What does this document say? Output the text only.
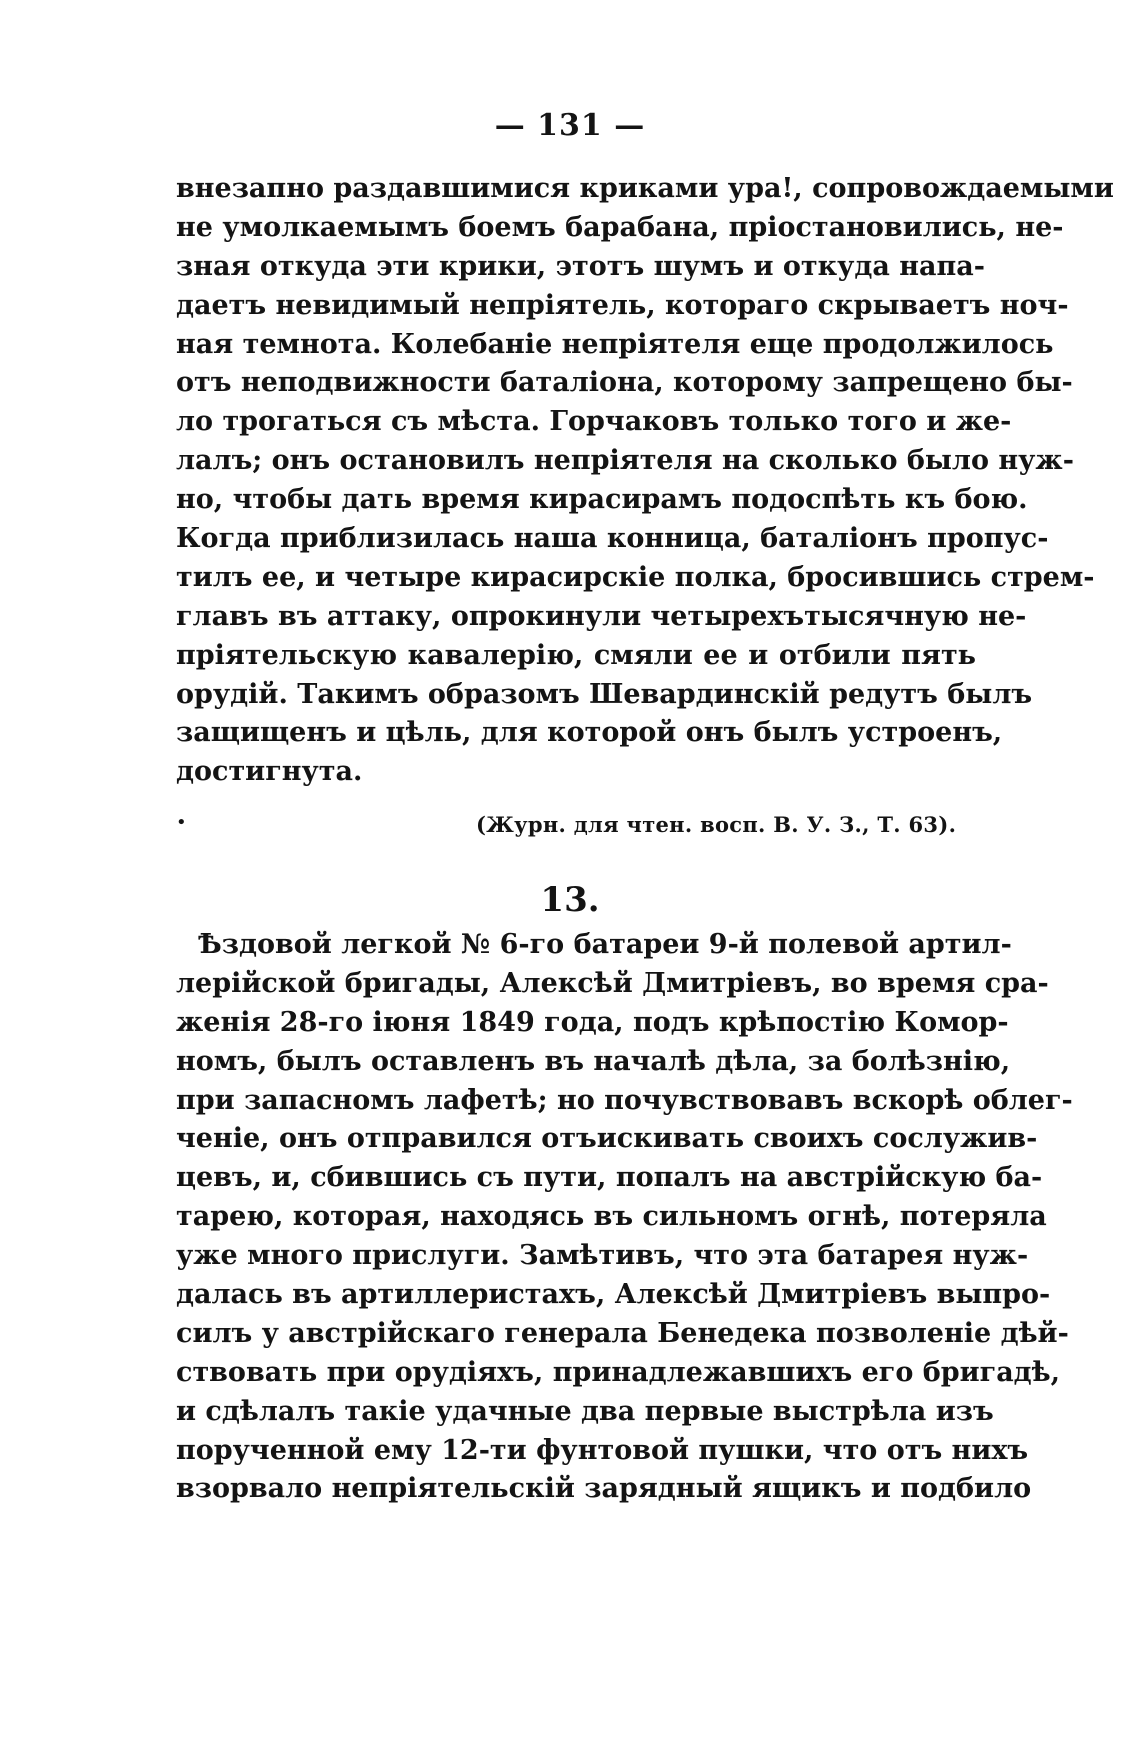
— 131 —
внезапно раздавшимися криками ура!, сопровождаемыми
не умолкаемымъ боемъ барабана, пріостановились, не-
зная откуда эти крики, этотъ шумъ и откуда напа-
даетъ невидимый непріятель, котораго скрываетъ ноч-
ная темнота. Колебаніе непріятеля еще продолжилось
отъ неподвижности баталіона, которому запрещено бы-
ло трогаться съ мѣста. Горчаковъ только того и же-
лалъ; онъ остановилъ непріятеля на сколько было нуж-
но, чтобы дать время кирасирамъ подоспѣть къ бою.
Когда приблизилась наша конница, баталіонъ пропус-
тилъ ее, и четыре кирасирскіе полка, бросившись стрем-
главъ въ аттаку, опрокинули четырехътысячную не-
пріятельскую кавалерію, смяли ее и отбили пять
орудій. Такимъ образомъ Шевардинскій редутъ былъ
защищенъ и цѣль, для которой онъ былъ устроенъ,
достигнута.
•	(Журн. для чтен. восп. В. У. З., Т. 63).
13.
Ѣздовой легкой № 6-го батареи 9-й полевой артил-
лерійской бригады, Алексѣй Дмитріевъ, во время сра-
женія 28-го іюня 1849 года, подъ крѣпостію Комор-
номъ, былъ оставленъ въ началѣ дѣла, за болѣзнію,
при запасномъ лафетѣ; но почувствовавъ вскорѣ облег-
ченіе, онъ отправился отъискивать своихъ сослужив-
цевъ, и, сбившись съ пути, попалъ на австрійскую ба-
тарею, которая, находясь въ сильномъ огнѣ, потеряла
уже много прислуги. Замѣтивъ, что эта батарея нуж-
далась въ артиллеристахъ, Алексѣй Дмитріевъ выпро-
силъ у австрійскаго генерала Бенедека позволеніе дѣй-
ствовать при орудіяхъ, принадлежавшихъ его бригадѣ,
и сдѣлалъ такіе удачные два первые выстрѣла изъ
порученной ему 12-ти фунтовой пушки, что отъ нихъ
взорвало непріятельскій зарядный ящикъ и подбило
